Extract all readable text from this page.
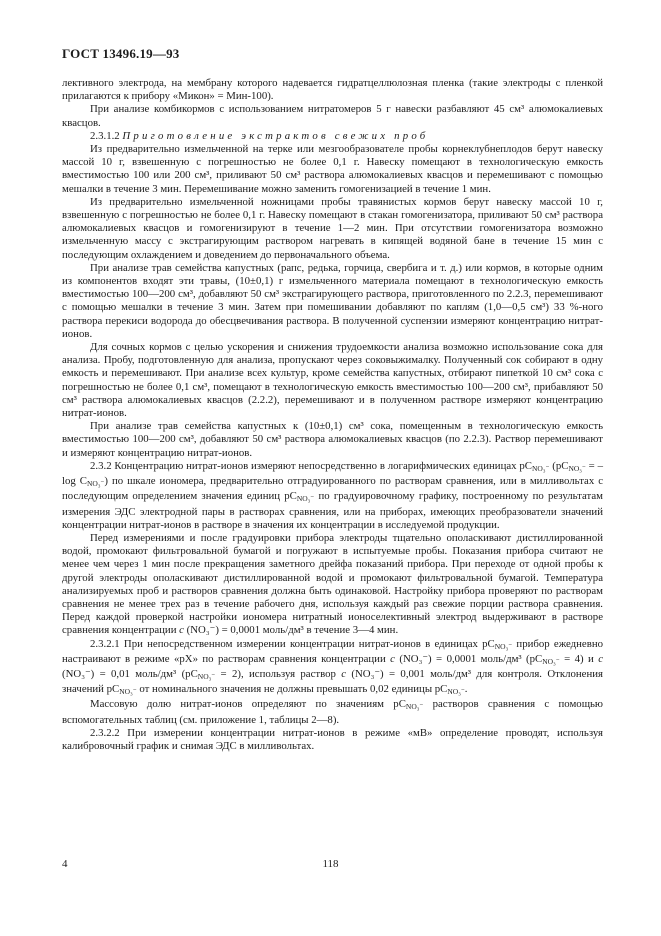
ГОСТ 13496.19—93

лективного электрода, на мембрану которого надевается гидратцеллюлозная пленка (такие электроды с пленкой прилагаются к прибору «Микон» = Мин-100).

При анализе комбикормов с использованием нитратомеров 5 г навески разбавляют 45 см³ алюмокалиевых квасцов.

2.3.1.2 Приготовление экстрактов свежих проб

Из предварительно измельченной на терке или мезгообразователе пробы корнеклубнеплодов берут навеску массой 10 г, взвешенную с погрешностью не более 0,1 г. Навеску помещают в технологическую емкость вместимостью 100 или 200 см³, приливают 50 см³ раствора алюмокалиевых квасцов и перемешивают с помощью мешалки в течение 3 мин. Перемешивание можно заменить гомогенизацией в течение 1 мин.

Из предварительно измельченной ножницами пробы травянистых кормов берут навеску массой 10 г, взвешенную с погрешностью не более 0,1 г. Навеску помещают в стакан гомогенизатора, приливают 50 см³ раствора алюмокалиевых квасцов и гомогенизируют в течение 1—2 мин. При отсутствии гомогенизатора возможно измельченную массу с экстрагирующим раствором нагревать в кипящей водяной бане в течение 15 мин с последующим охлаждением и доведением до первоначального объема.

При анализе трав семейства капустных (рапс, редька, горчица, свербига и т. д.) или кормов, в которые одним из компонентов входят эти травы, (10±0,1) г измельченного материала помещают в технологическую емкость вместимостью 100—200 см³, добавляют 50 см³ экстрагирующего раствора, приготовленного по 2.2.3, перемешивают с помощью мешалки в течение 3 мин. Затем при помешивании добавляют по каплям (1,0—0,5 см³) 33 %-ного раствора перекиси водорода до обесцвечивания раствора. В полученной суспензии измеряют концентрацию нитрат-ионов.

Для сочных кормов с целью ускорения и снижения трудоемкости анализа возможно использование сока для анализа. Пробу, подготовленную для анализа, пропускают через соковыжималку. Полученный сок собирают в одну емкость и перемешивают. При анализе всех культур, кроме семейства капустных, отбирают пипеткой 10 см³ сока с погрешностью не более 0,1 см³, помещают в технологическую емкость вместимостью 100—200 см³, прибавляют 50 см³ раствора алюмокалиевых квасцов (2.2.2), перемешивают и в полученном растворе измеряют концентрацию нитрат-ионов.

При анализе трав семейства капустных к (10±0,1) см³ сока, помещенным в технологическую емкость вместимостью 100—200 см³, добавляют 50 см³ раствора алюмокалиевых квасцов (по 2.2.3). Раствор перемешивают и измеряют концентрацию нитрат-ионов.

2.3.2 Концентрацию нитрат-ионов измеряют непосредственно в логарифмических единицах $pC_{NO_3^-}$ ($pC_{NO_3^-}$ = – $\log C_{NO_3^-}$) по шкале иономера, предварительно отградуированного по растворам сравнения, или в милливольтах с последующим определением значения единиц $pC_{NO_3^-}$ по градуировочному графику, построенному по результатам измерения ЭДС электродной пары в растворах сравнения, или на приборах, имеющих преобразователи значений концентрации нитрат-ионов в растворе в значения их концентрации в исследуемой продукции.

Перед измерениями и после градуировки прибора электроды тщательно ополаскивают дистиллированной водой, промокают фильтровальной бумагой и погружают в испытуемые пробы. Показания прибора считают не менее чем через 1 мин после прекращения заметного дрейфа показаний прибора. При переходе от одной пробы к другой электроды ополаскивают дистиллированной водой и промокают фильтровальной бумагой. Температура анализируемых проб и растворов сравнения должна быть одинаковой. Настройку прибора проверяют по растворам сравнения не менее трех раз в течение рабочего дня, используя каждый раз свежие порции раствора сравнения. Перед каждой проверкой настройки иономера нитратный ионоселективный электрод выдерживают в растворе сравнения концентрации c (NO₃⁻) = 0,0001 моль/дм³ в течение 3—4 мин.

2.3.2.1 При непосредственном измерении концентрации нитрат-ионов в единицах $pC_{NO_3^-}$ прибор ежедневно настраивают в режиме «pX» по растворам сравнения концентрации c (NO₃⁻) = 0,0001 моль/дм³ $(pC_{NO_3^-} = 4)$ и c (NO₃⁻) = 0,01 моль/дм³ $(pC_{NO_3^-} = 2)$, используя раствор c (NO₃⁻) = 0,001 моль/дм³ для контроля. Отклонения значений $pC_{NO_3^-}$ от номинального значения не должны превышать 0,02 единицы $pC_{NO_3^-}$.

Массовую долю нитрат-ионов определяют по значениям $pC_{NO_3^-}$ растворов сравнения с помощью вспомогательных таблиц (см. приложение 1, таблицы 2—8).

2.3.2.2 При измерении концентрации нитрат-ионов в режиме «мВ» определение проводят, используя калибровочный график и снимая ЭДС в милливольтах.

4	118
